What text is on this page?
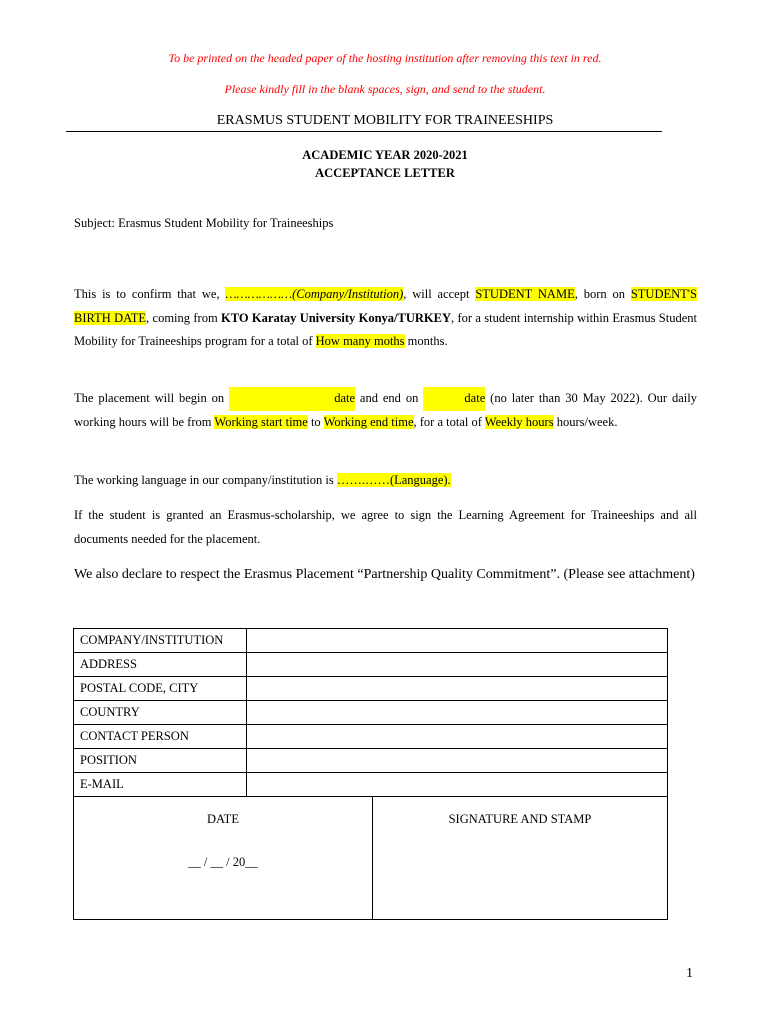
To be printed on the headed paper of the hosting institution after removing this text in red.
Please kindly fill in the blank spaces, sign, and send to the student.
ERASMUS STUDENT MOBILITY FOR TRAINEESHIPS
ACADEMIC YEAR 2020-2021
ACCEPTANCE LETTER
Subject: Erasmus Student Mobility for Traineeships
This is to confirm that we, ………………(Company/Institution), will accept STUDENT NAME, born on STUDENT'S BIRTH DATE, coming from KTO Karatay University Konya/TURKEY, for a student internship within Erasmus Student Mobility for Traineeships program for a total of How many moths months.
The placement will begin on	date and end on	date (no later than 30 May 2022). Our daily working hours will be from Working start time to Working end time, for a total of Weekly hours hours/week.
The working language in our company/institution is …….……(Language).
If the student is granted an Erasmus-scholarship, we agree to sign the Learning Agreement for Traineeships and all documents needed for the placement.
We also declare to respect the Erasmus Placement “Partnership Quality Commitment”. (Please see attachment)
COMPANY/INSTITUTION	
ADDRESS	
POSTAL CODE, CITY	
COUNTRY	
CONTACT PERSON	
POSITION	
E-MAIL	
DATE
__ / __ / 20__

SIGNATURE AND STAMP
1
